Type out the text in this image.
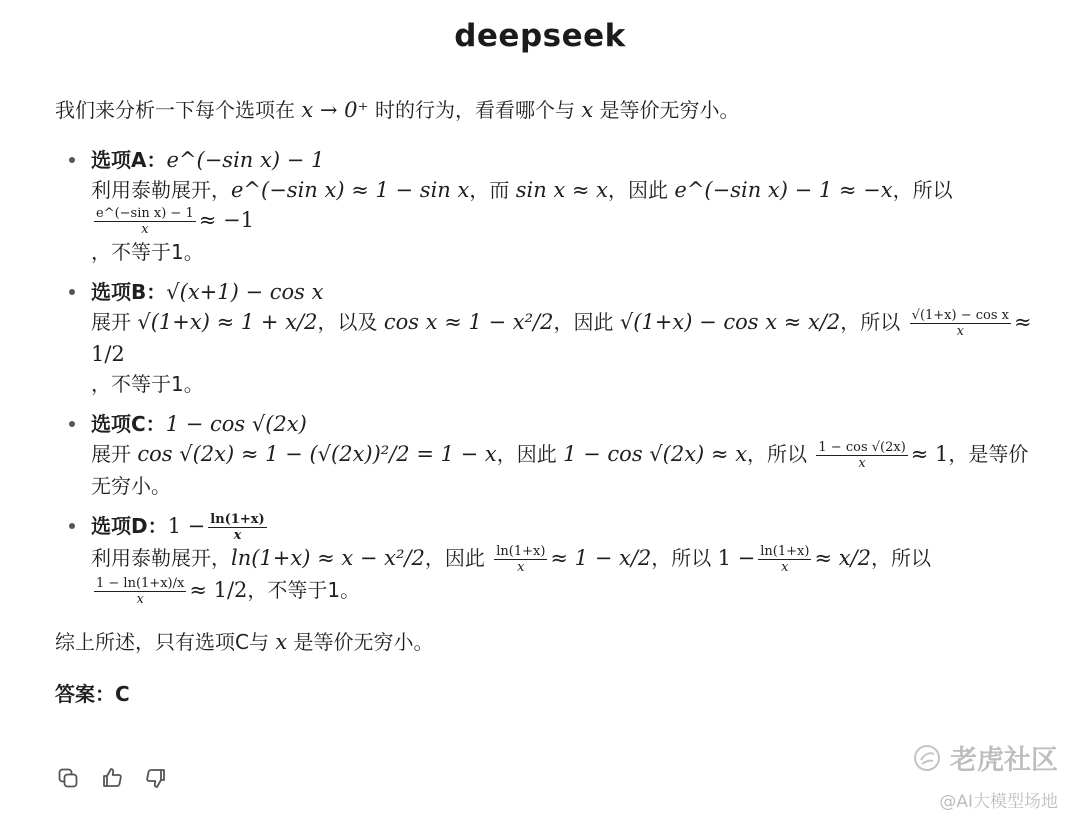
deepseek

我们来分析一下每个选项在 x → 0⁺ 时的行为，看看哪个与 x 是等价无穷小。

选项A：e^(−sin x) − 1
利用泰勒展开，e^(−sin x) ≈ 1 − sin x，而 sin x ≈ x，因此 e^(−sin x) − 1 ≈ −x，所以
$\frac{\text{e\textasciicircum{}(−sin x) − 1}}{x} \approx -1$
，不等于1。
选项B：√(x+1) − cos x
展开 √(1+x) ≈ 1 + x/2，以及 cos x ≈ 1 − x²/2，因此 √(1+x) − cos x ≈ x/2，所以 $\frac{\text{√(1+x) − cos x}}{x} \approx 1/2$
，不等于1。
选项C：1 − cos √(2x)
展开 cos √(2x) ≈ 1 − (√(2x))²/2 = 1 − x，因此 1 − cos √(2x) ≈ x，所以 $\frac{1 - \cos √(2x)}{x} \approx 1$，是等价无穷小。
选项D：$1 - \frac{\ln(1+x)}{x}$
利用泰勒展开，ln(1+x) ≈ x − x²/2，因此 $\frac{\ln(1+x)}{x} \approx 1 - x/2$，所以 $1 - \frac{\ln(1+x)}{x} \approx x/2$，所以

$\frac{1 - \ln(1+x)/x}{x} \approx 1/2$，不等于1。

综上所述，只有选项C与 x 是等价无穷小。

答案：C

老虎社区
@AI大模型场地
